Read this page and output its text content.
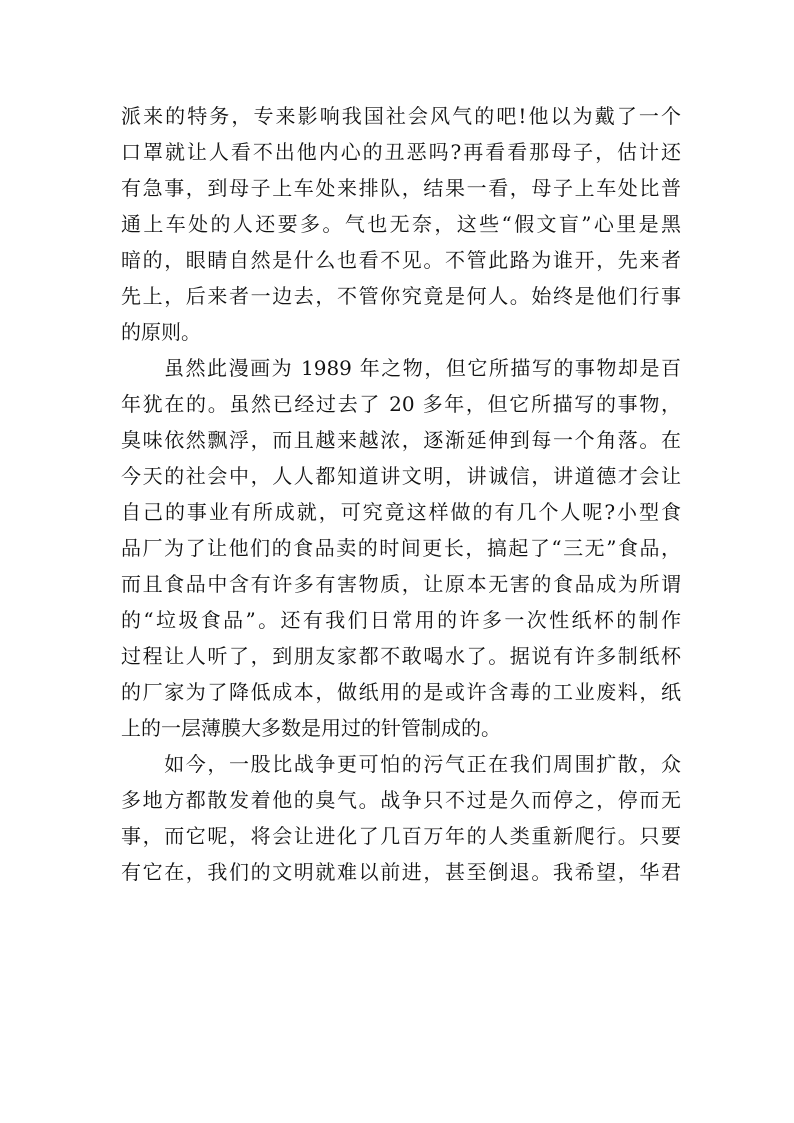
派来的特务，专来影响我国社会风气的吧!他以为戴了一个
口罩就让人看不出他内心的丑恶吗?再看看那母子，估计还
有急事，到母子上车处来排队，结果一看，母子上车处比普
通上车处的人还要多。气也无奈，这些“假文盲”心里是黑
暗的，眼睛自然是什么也看不见。不管此路为谁开，先来者
先上，后来者一边去，不管你究竟是何人。始终是他们行事
的原则。
　　虽然此漫画为 1989 年之物，但它所描写的事物却是百
年犹在的。虽然已经过去了 20 多年，但它所描写的事物，
臭味依然飘浮，而且越来越浓，逐渐延伸到每一个角落。在
今天的社会中，人人都知道讲文明，讲诚信，讲道德才会让
自己的事业有所成就，可究竟这样做的有几个人呢?小型食
品厂为了让他们的食品卖的时间更长，搞起了“三无”食品，
而且食品中含有许多有害物质，让原本无害的食品成为所谓
的“垃圾食品”。还有我们日常用的许多一次性纸杯的制作
过程让人听了，到朋友家都不敢喝水了。据说有许多制纸杯
的厂家为了降低成本，做纸用的是或许含毒的工业废料，纸
上的一层薄膜大多数是用过的针管制成的。
　　如今，一股比战争更可怕的污气正在我们周围扩散，众
多地方都散发着他的臭气。战争只不过是久而停之，停而无
事，而它呢，将会让进化了几百万年的人类重新爬行。只要
有它在，我们的文明就难以前进，甚至倒退。我希望，华君
